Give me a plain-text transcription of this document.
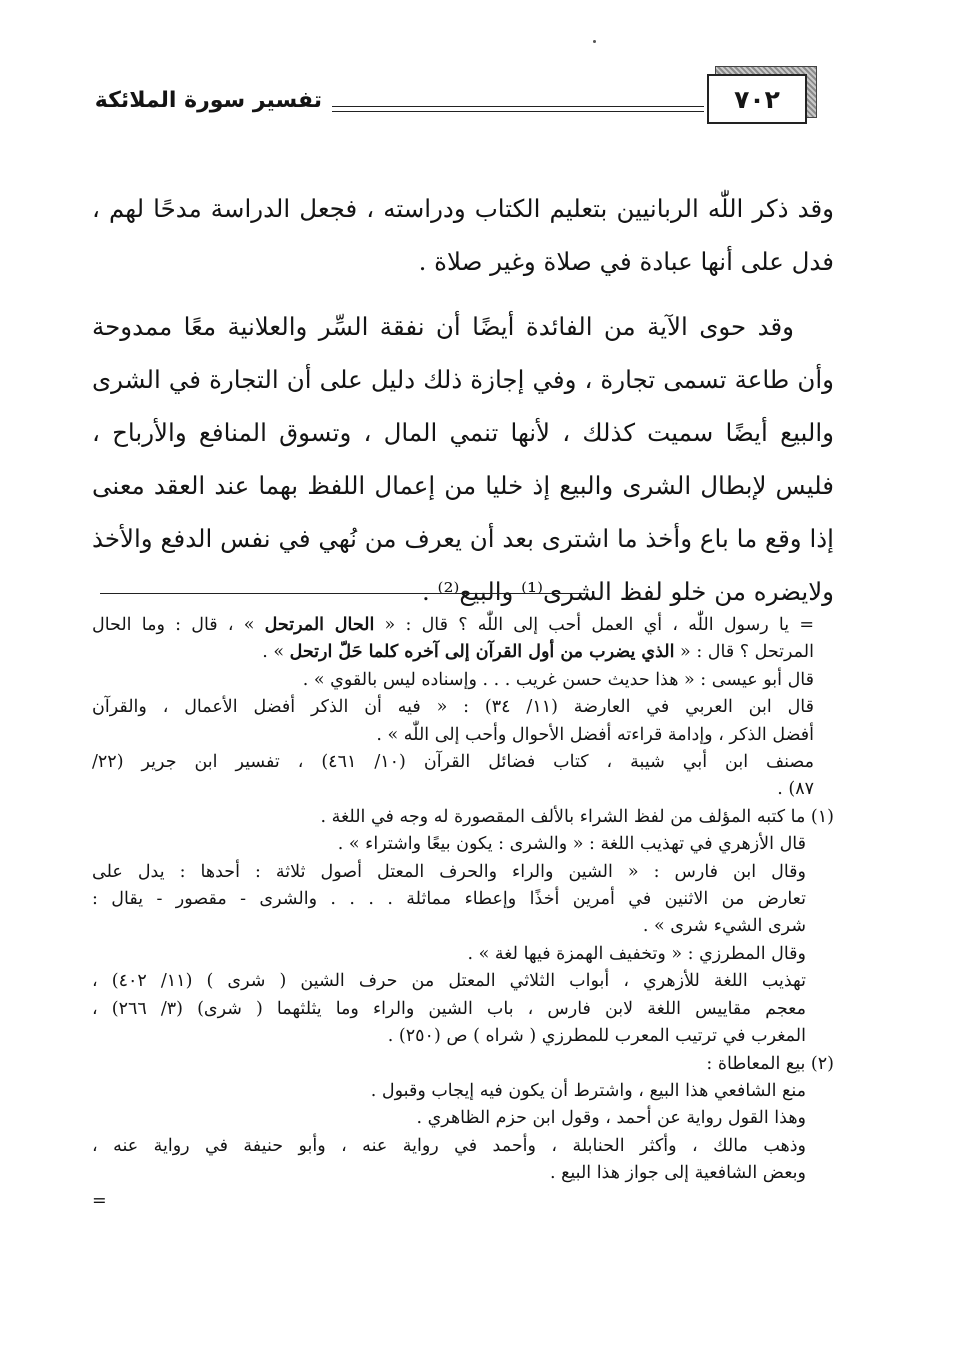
٧٠٢
تفسير سورة الملائكة
وقد ذكر اللّٰه الربانيين بتعليم الكتاب ودراسته ، فجعل الدراسة مدحًا لهم ، فدل على أنها عبادة في صلاة وغير صلاة .
وقد حوى الآية من الفائدة أيضًا أن نفقة السِّر والعلانية معًا ممدوحة وأن طاعة تسمى تجارة ، وفي إجازة ذلك دليل على أن التجارة في الشرى والبيع أيضًا سميت كذلك ، لأنها تنمي المال ، وتسوق المنافع والأرباح ، فليس لإبطال الشرى والبيع إذ خليا من إعمال اللفظ بهما عند العقد معنى إذا وقع ما باع وأخذ ما اشترى بعد أن يعرف من نُهي في نفس الدفع والأخذ ولايضره من خلو لفظ الشرى⁽¹⁾ والبيع⁽²⁾ .
= يا رسول اللّٰه ، أي العمل أحب إلى اللّٰه ؟ قال : « الحال المرتحل » ، قال : وما الحال
المرتحل ؟ قال : « الذي يضرب من أول القرآن إلى آخره كلما حَلّ ارتحل » .
قال أبو عيسى : « هذا حديث حسن غريب . . . وإسناده ليس بالقوي » .
قال ابن العربي في العارضة (١١/ ٣٤) : « فيه أن الذكر أفضل الأعمال ، والقرآن
أفضل الذكر ، وإدامة قراءته أفضل الأحوال وأحب إلى اللّٰه » .
مصنف ابن أبي شيبة ، كتاب فضائل القرآن (١٠/ ٤٦١) ، تفسير ابن جرير (٢٢/
٨٧) .
(١) ما كتبه المؤلف من لفظ الشراء بالألف المقصورة له وجه في اللغة .
قال الأزهري في تهذيب اللغة : « والشرى : يكون بيعًا واشتراء » .
وقال ابن فارس : « الشين والراء والحرف المعتل أصول ثلاثة : أحدها : يدل على
تعارض من الاثنين في أمرين أخذًا وإعطاء مماثلة . . . . والشرى - مقصور - يقال :
شرى الشيء شرى » .
وقال المطرزي : « وتخفيف الهمزة فيها لغة » .
تهذيب اللغة للأزهري ، أبواب الثلاثي المعتل من حرف الشين ( شرى ) (١١/ ٤٠٢) ،
معجم مقاييس اللغة لابن فارس ، باب الشين والراء وما يثلثهما ( شرى) (٣/ ٢٦٦) ،
المغرب في ترتيب المعرب للمطرزي ( شراه ) ص (٢٥٠) .
(٢) بيع المعاطاة :
منع الشافعي هذا البيع ، واشترط أن يكون فيه إيجاب وقبول .
وهذا القول رواية عن أحمد ، وقول ابن حزم الظاهري .
وذهب مالك ، وأكثر الحنابلة ، وأحمد في رواية عنه ، وأبو حنيفة في رواية عنه ،
وبعض الشافعية إلى جواز هذا البيع .
=
